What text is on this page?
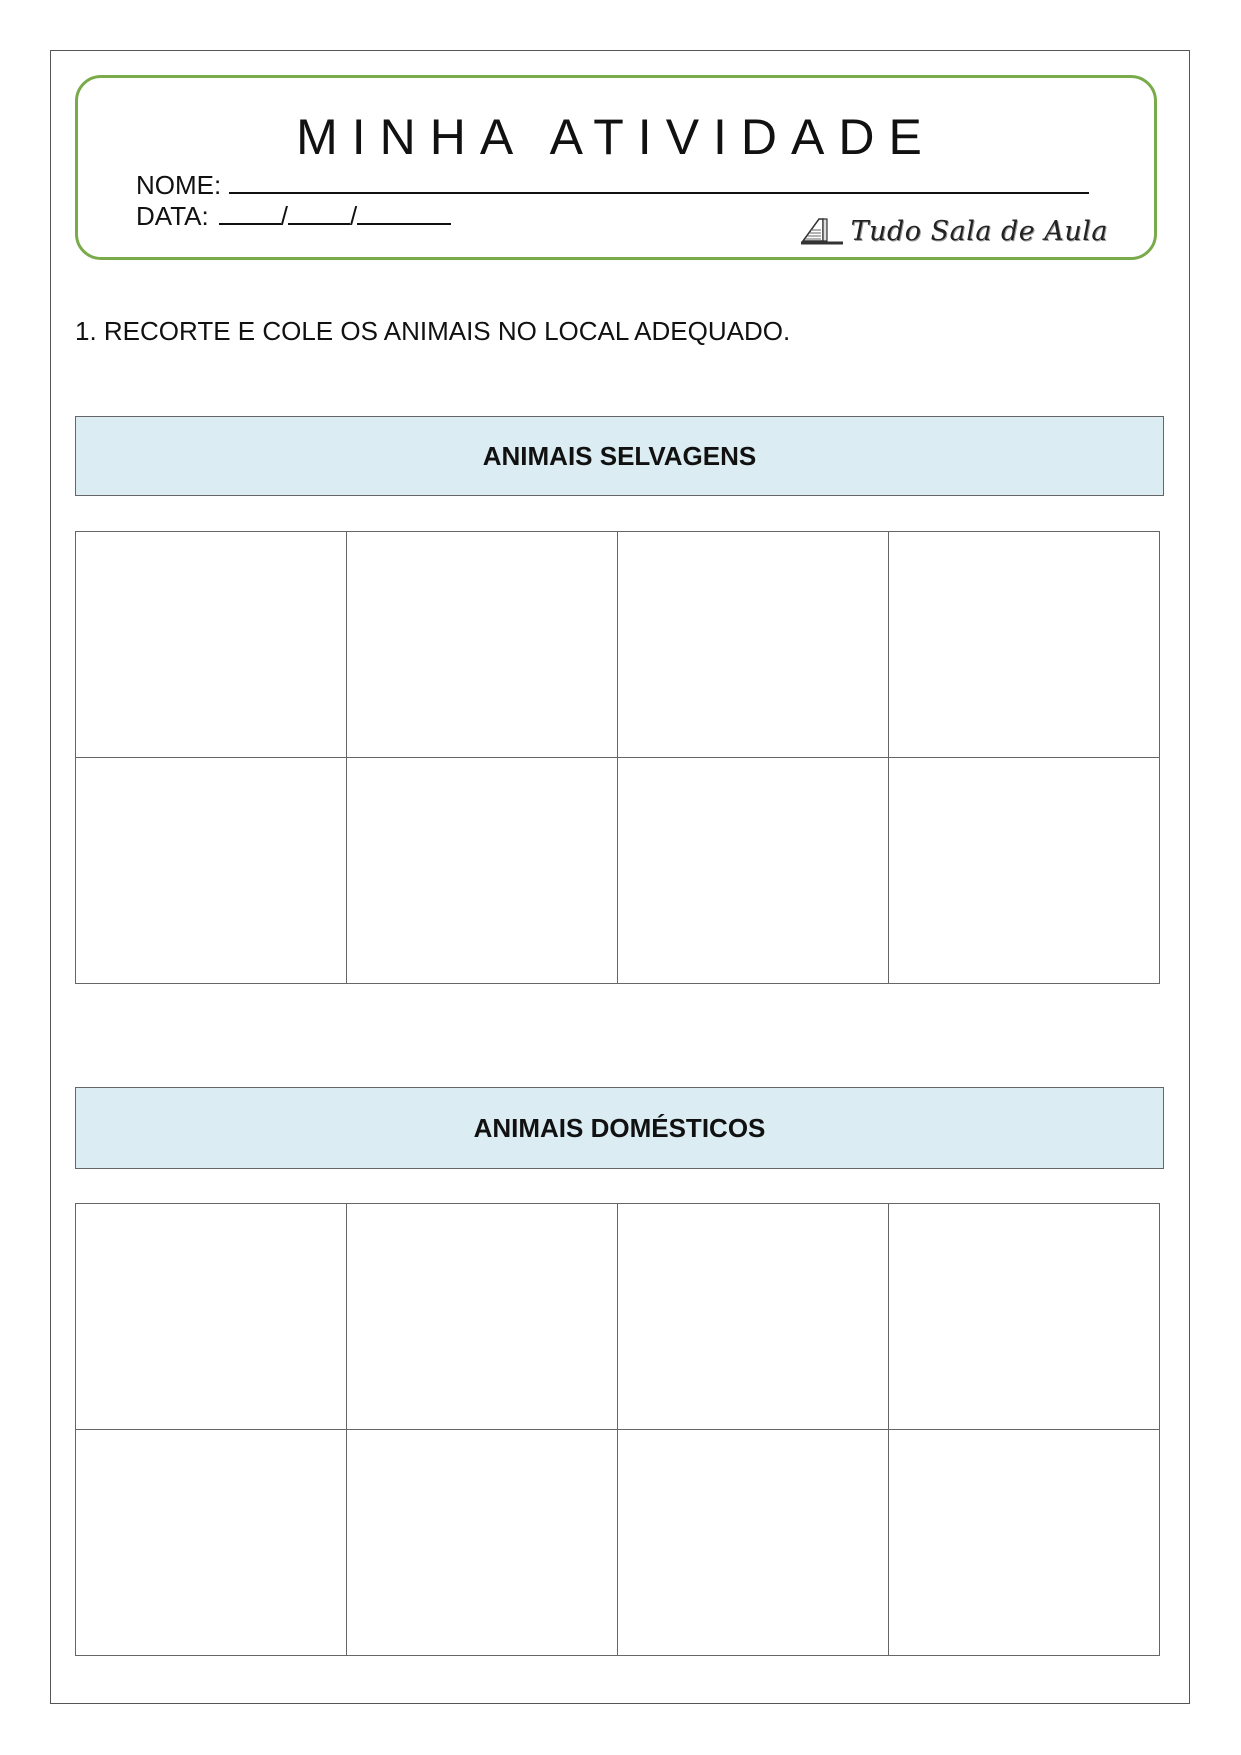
MINHA ATIVIDADE
NOME:
DATA:	/ /	Tudo Sala de Aula
1. RECORTE E COLE OS ANIMAIS NO LOCAL ADEQUADO.
ANIMAIS SELVAGENS
ANIMAIS DOMÉSTICOS
